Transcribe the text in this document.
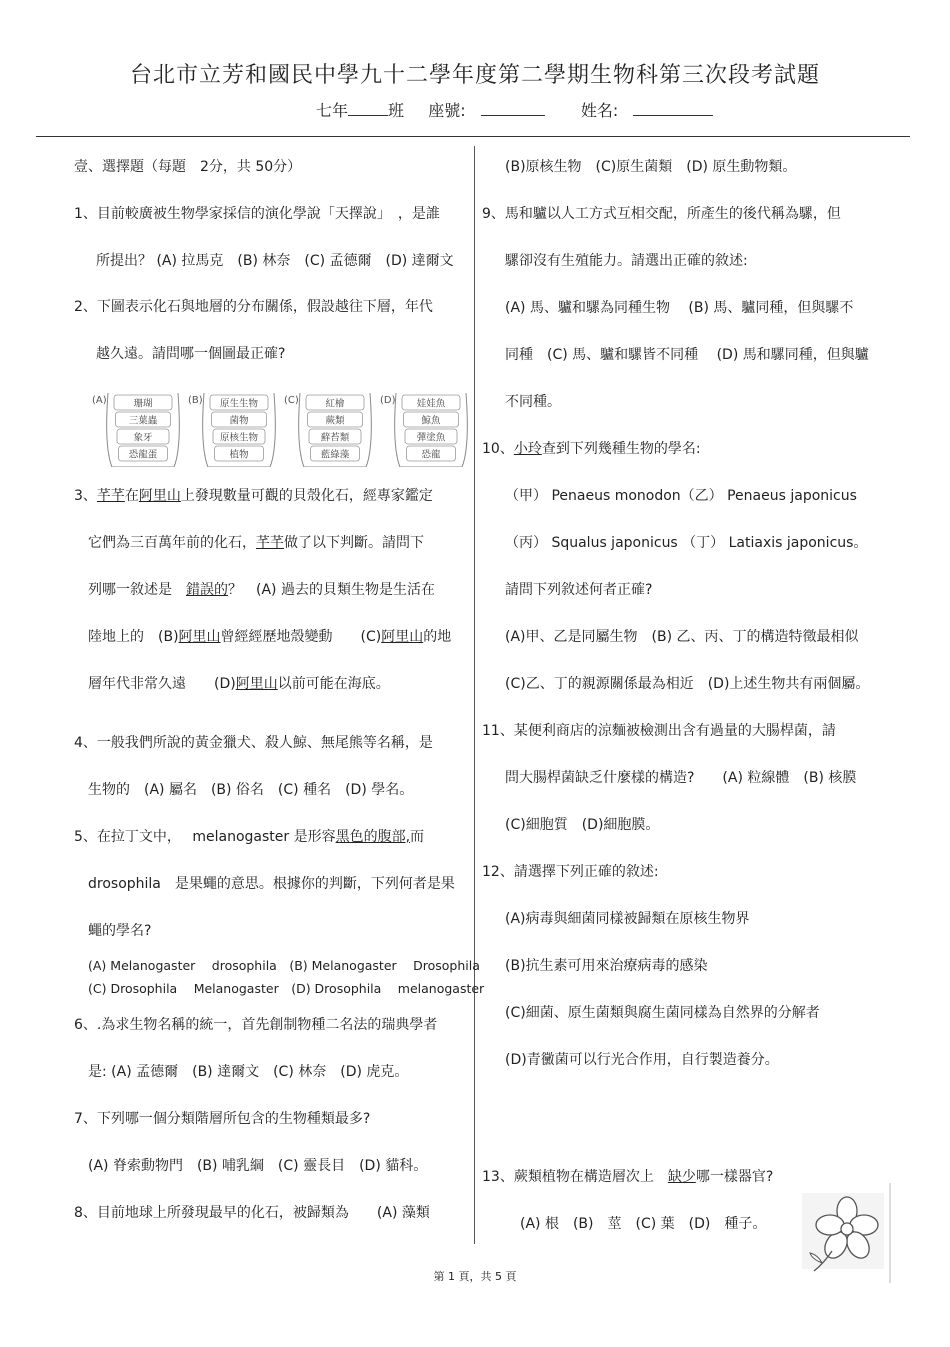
台北市立芳和國民中學九十二學年度第二學期生物科第三次段考試題
七年	班 座號:	姓名:
壹、選擇題（每題　2分，共 50分）
1、目前較廣被生物學家採信的演化學說「天擇說」　，是誰
所提出？ (A) 拉馬克　(B) 林奈　(C) 孟德爾　(D) 達爾文
2、下圖表示化石與地層的分布關係，假設越往下層，年代
越久遠。請問哪一個圖最正確?
(A)	珊瑚
三葉蟲
象牙
恐龍蛋
(B) 原生生物
菌物
原核生物
植物
(C)	紅檜
蕨類
蘚苔類
藍綠藻
(D) 娃娃魚
鯨魚
彈塗魚
恐龍
3、芊芊在阿里山上發現數量可觀的貝殼化石，經專家鑑定
它們為三百萬年前的化石，芊芊做了以下判斷。請問下
列哪一敘述是　錯誤的？　(A) 過去的貝類生物是生活在
陸地上的　(B)阿里山曾經經歷地殼變動　　(C)阿里山的地
層年代非常久遠　　(D)阿里山以前可能在海底。
4、一般我們所說的黃金獵犬、殺人鯨、無尾熊等名稱，是
生物的　(A) 屬名　(B) 俗名　(C) 種名　(D) 學名。
5、在拉丁文中，　 melanogaster 是形容黑色的腹部,而
drosophila　是果蠅的意思。根據你的判斷，下列何者是果
蠅的學名?
(A) Melanogaster　 drosophila　(B) Melanogaster　 Drosophila
(C) Drosophila　 Melanogaster　(D) Drosophila　 melanogaster
6、.為求生物名稱的統一，首先創制物種二名法的瑞典學者
是: (A) 孟德爾　(B) 達爾文　(C) 林奈　(D) 虎克。
7、下列哪一個分類階層所包含的生物種類最多?
(A) 脊索動物門　(B) 哺乳綱　(C) 靈長目　(D) 貓科。
8、目前地球上所發現最早的化石，被歸類為　　(A) 藻類
(B)原核生物　(C)原生菌類　(D) 原生動物類。
9、馬和驢以人工方式互相交配，所產生的後代稱為騾，但
騾卻沒有生殖能力。請選出正確的敘述:
(A) 馬、驢和騾為同種生物　 (B) 馬、驢同種，但與騾不
同種　(C) 馬、驢和騾皆不同種　 (D) 馬和騾同種，但與驢
不同種。
10、小玲查到下列幾種生物的學名:
（甲） Penaeus monodon（乙） Penaeus japonicus
（丙） Squalus japonicus （丁） Latiaxis japonicus。
請問下列敘述何者正確?
(A)甲、乙是同屬生物　(B) 乙、丙、丁的構造特徵最相似
(C)乙、丁的親源關係最為相近　(D)上述生物共有兩個屬。
11、某便利商店的涼麵被檢測出含有過量的大腸桿菌，請
問大腸桿菌缺乏什麼樣的構造?　　(A) 粒線體　(B) 核膜
(C)細胞質　(D)細胞膜。
12、請選擇下列正確的敘述:
(A)病毒與細菌同樣被歸類在原核生物界
(B)抗生素可用來治療病毒的感染
(C)細菌、原生菌類與腐生菌同樣為自然界的分解者
(D)青黴菌可以行光合作用，自行製造養分。
13、蕨類植物在構造層次上　缺少哪一樣器官?
(A) 根　(B)　莖　(C) 葉　(D)　種子。
第 1 頁，共 5 頁
